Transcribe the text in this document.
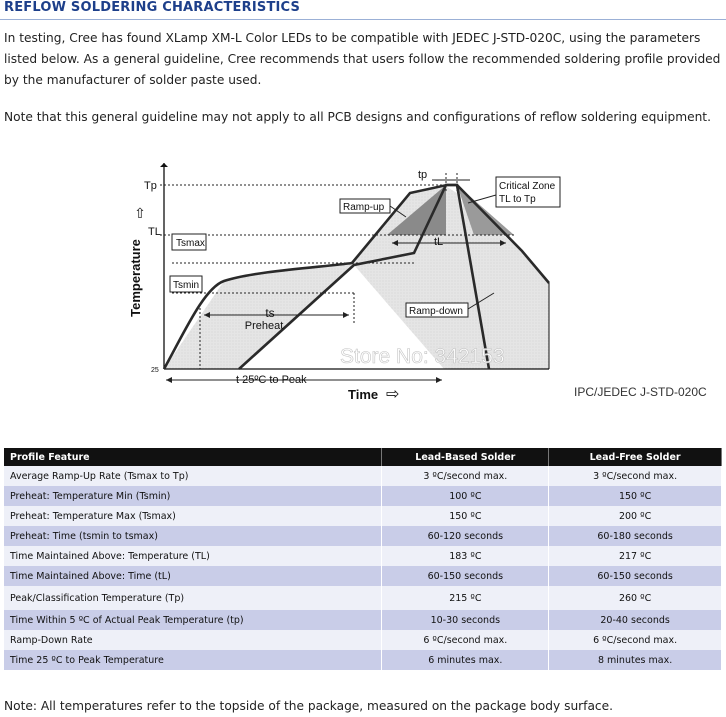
REFLOW SOLDERING CHARACTERISTICS
In testing, Cree has found XLamp XM-L Color LEDs to be compatible with JEDEC J-STD-020C, using the parameters listed below. As a general guideline, Cree recommends that users follow the recommended soldering profile provided by the manufacturer of solder paste used.
Note that this general guideline may not apply to all PCB designs and configurations of reflow soldering equipment.
Temperature
⇧
Tp
TL
25
Tsmax
Tsmin
ts
Preheat
t 25ºC to Peak
tp
tL
Ramp-up
Ramp-down
Critical Zone
TL to Tp
Store No: 342153
Time ⇨	IPC/JEDEC J-STD-020C
Profile Feature	Lead-Based Solder	Lead-Free Solder
Average Ramp-Up Rate (Tsmax to Tp)	3 ºC/second max.	3 ºC/second max.
Preheat: Temperature Min (Tsmin)	100 ºC	150 ºC
Preheat: Temperature Max (Tsmax)	150 ºC	200 ºC
Preheat: Time (tsmin to tsmax)	60-120 seconds	60-180 seconds
Time Maintained Above: Temperature (TL)	183 ºC	217 ºC
Time Maintained Above: Time (tL)	60-150 seconds	60-150 seconds
Peak/Classification Temperature (Tp)	215 ºC	260 ºC
Time Within 5 ºC of Actual Peak Temperature (tp)	10-30 seconds	20-40 seconds
Ramp-Down Rate	6 ºC/second max.	6 ºC/second max.
Time 25 ºC to Peak Temperature	6 minutes max.	8 minutes max.
Note: All temperatures refer to the topside of the package, measured on the package body surface.
